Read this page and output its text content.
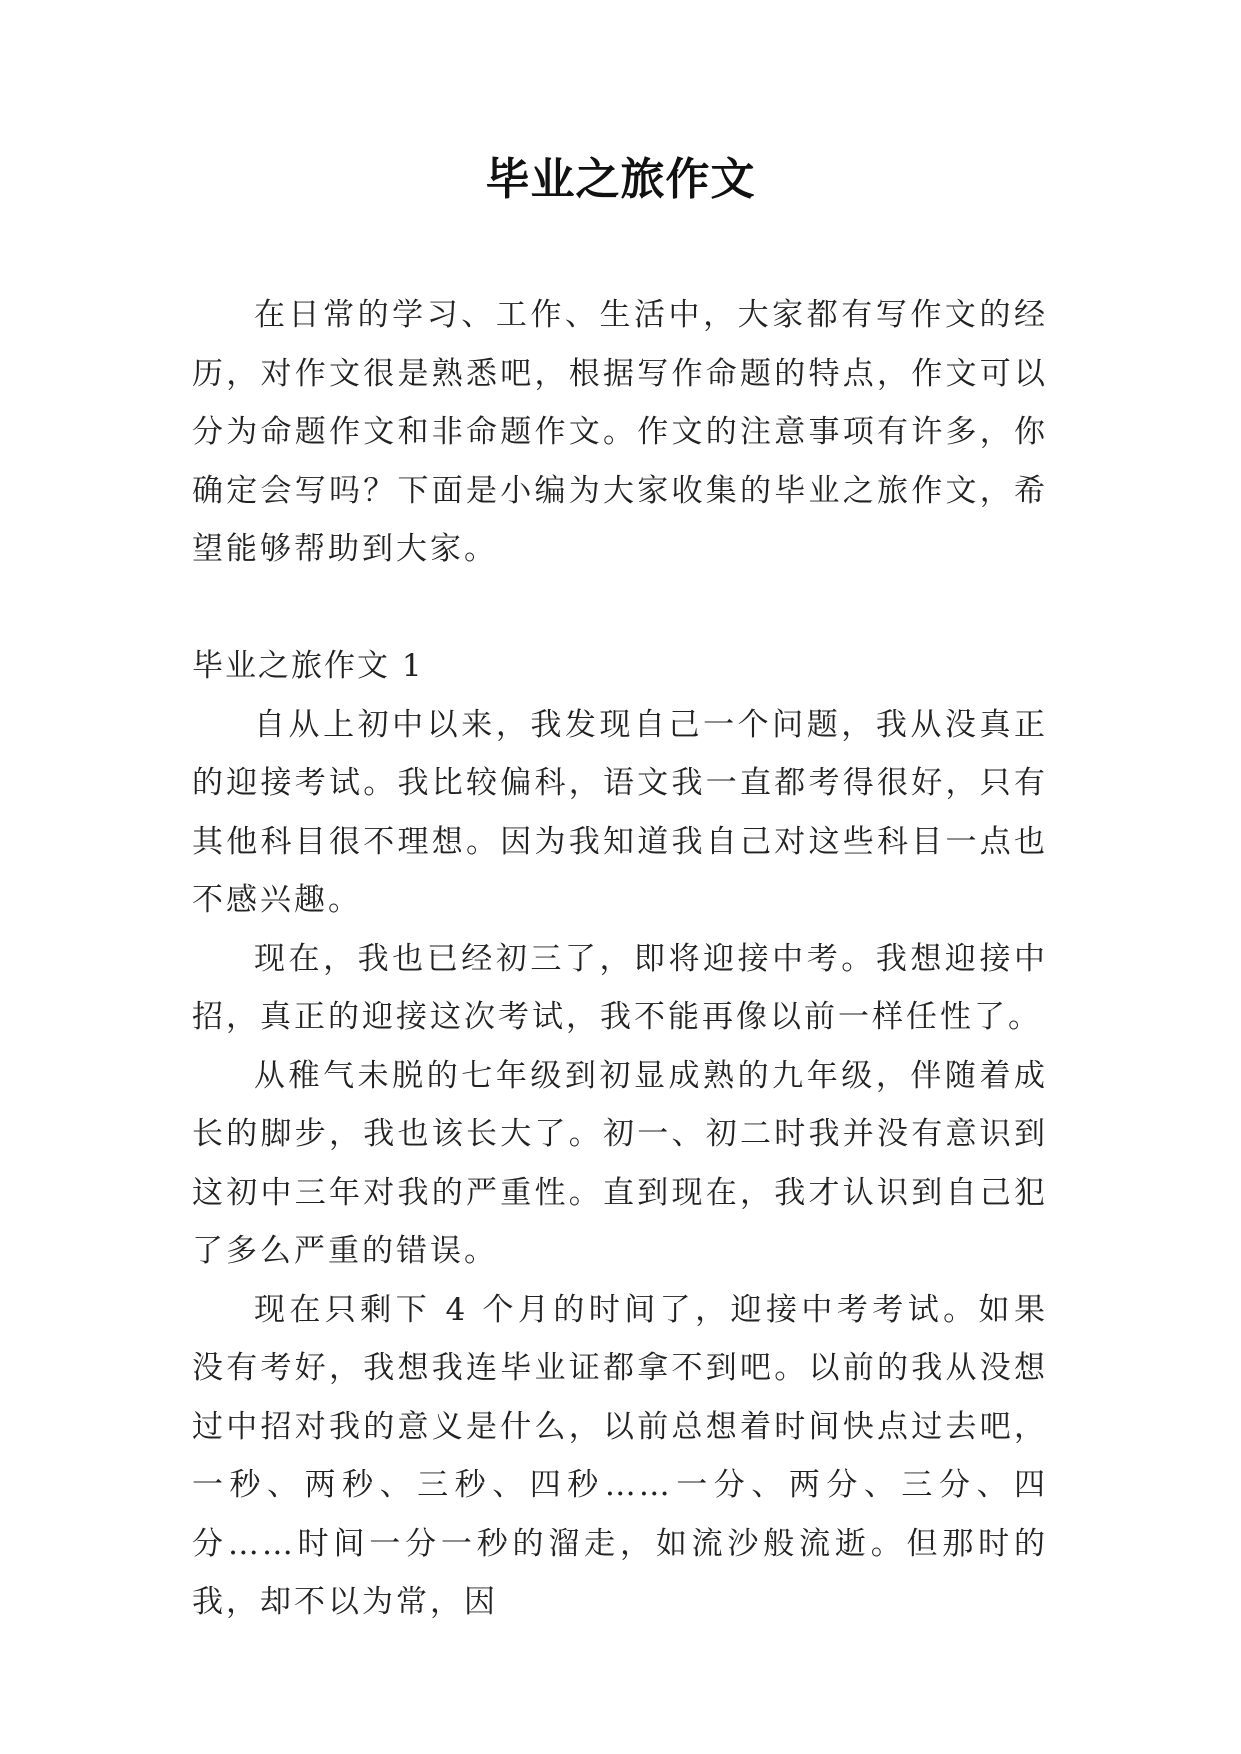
毕业之旅作文

在日常的学习、工作、生活中，大家都有写作文的经历，对作文很是熟悉吧，根据写作命题的特点，作文可以分为命题作文和非命题作文。作文的注意事项有许多，你确定会写吗？下面是小编为大家收集的毕业之旅作文，希望能够帮助到大家。

毕业之旅作文 1

自从上初中以来，我发现自己一个问题，我从没真正的迎接考试。我比较偏科，语文我一直都考得很好，只有其他科目很不理想。因为我知道我自己对这些科目一点也不感兴趣。

现在，我也已经初三了，即将迎接中考。我想迎接中招，真正的迎接这次考试，我不能再像以前一样任性了。

从稚气未脱的七年级到初显成熟的九年级，伴随着成长的脚步，我也该长大了。初一、初二时我并没有意识到这初中三年对我的严重性。直到现在，我才认识到自己犯了多么严重的错误。

现在只剩下 4 个月的时间了，迎接中考考试。如果没有考好，我想我连毕业证都拿不到吧。以前的我从没想过中招对我的意义是什么，以前总想着时间快点过去吧，一秒、两秒、三秒、四秒……一分、两分、三分、四分……时间一分一秒的溜走，如流沙般流逝。但那时的我，却不以为常，因
